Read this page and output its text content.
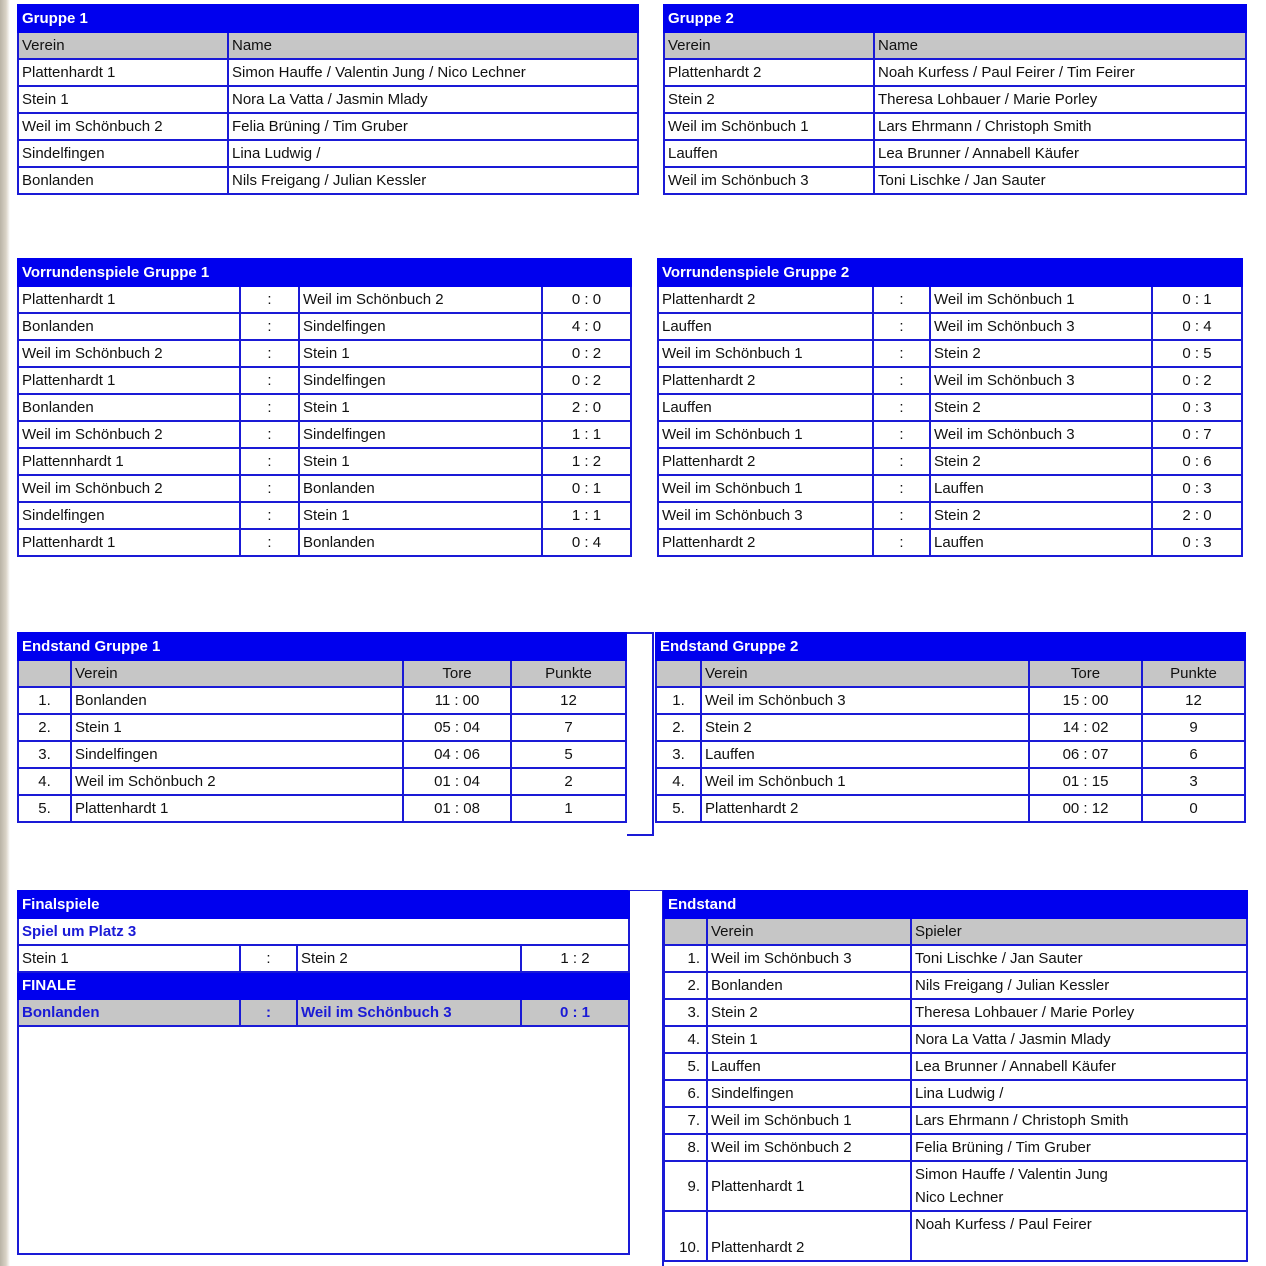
Gruppe 1	
Verein	Name
Plattenhardt 1	Simon Hauffe / Valentin Jung / Nico Lechner
Stein 1	Nora La Vatta / Jasmin Mlady
Weil im Schönbuch 2	Felia Brüning / Tim Gruber
Sindelfingen	Lina Ludwig /
Bonlanden	Nils Freigang / Julian Kessler
Gruppe 2	
Verein	Name
Plattenhardt 2	Noah Kurfess / Paul Feirer / Tim Feirer
Stein 2	Theresa Lohbauer / Marie Porley
Weil im Schönbuch 1	Lars Ehrmann / Christoph Smith
Lauffen	Lea Brunner / Annabell Käufer
Weil im Schönbuch 3	Toni Lischke / Jan Sauter
Vorrundenspiele Gruppe 1			
Plattenhardt 1	:	Weil im Schönbuch 2	0 : 0
Bonlanden	:	Sindelfingen	4 : 0
Weil im Schönbuch 2	:	Stein 1	0 : 2
Plattenhardt 1	:	Sindelfingen	0 : 2
Bonlanden	:	Stein 1	2 : 0
Weil im Schönbuch 2	:	Sindelfingen	1 : 1
Plattennhardt 1	:	Stein 1	1 : 2
Weil im Schönbuch 2	:	Bonlanden	0 : 1
Sindelfingen	:	Stein 1	1 : 1
Plattenhardt 1	:	Bonlanden	0 : 4
Vorrundenspiele Gruppe 2			
Plattenhardt 2	:	Weil im Schönbuch 1	0 : 1
Lauffen	:	Weil im Schönbuch 3	0 : 4
Weil im Schönbuch 1	:	Stein 2	0 : 5
Plattenhardt 2	:	Weil im Schönbuch 3	0 : 2
Lauffen	:	Stein 2	0 : 3
Weil im Schönbuch 1	:	Weil im Schönbuch 3	0 : 7
Plattenhardt 2	:	Stein 2	0 : 6
Weil im Schönbuch 1	:	Lauffen	0 : 3
Weil im Schönbuch 3	:	Stein 2	2 : 0
Plattenhardt 2	:	Lauffen	0 : 3
Endstand Gruppe 1			
	Verein	Tore	Punkte
1.	Bonlanden	11 : 00	12
2.	Stein 1	05 : 04	7
3.	Sindelfingen	04 : 06	5
4.	Weil im Schönbuch 2	01 : 04	2
5.	Plattenhardt 1	01 : 08	1
Endstand Gruppe 2			
	Verein	Tore	Punkte
1.	Weil im Schönbuch 3	15 : 00	12
2.	Stein 2	14 : 02	9
3.	Lauffen	06 : 07	6
4.	Weil im Schönbuch 1	01 : 15	3
5.	Plattenhardt 2	00 : 12	0
Finalspiele			
Spiel um Platz 3			
Stein 1	:	Stein 2	1 : 2
FINALE			
Bonlanden	:	Weil im Schönbuch 3	0 : 1

Endstand		
	Verein	Spieler
1.	Weil im Schönbuch 3	Toni Lischke / Jan Sauter
2.	Bonlanden	Nils Freigang / Julian Kessler
3.	Stein 2	Theresa Lohbauer / Marie Porley
4.	Stein 1	Nora La Vatta / Jasmin Mlady
5.	Lauffen	Lea Brunner / Annabell Käufer
6.	Sindelfingen	Lina Ludwig /
7.	Weil im Schönbuch 1	Lars Ehrmann / Christoph Smith
8.	Weil im Schönbuch 2	Felia Brüning / Tim Gruber
9.	Plattenhardt 1	Simon Hauffe / Valentin Jung
Nico Lechner

10.	Plattenhardt 2	Noah Kurfess / Paul Feirer
